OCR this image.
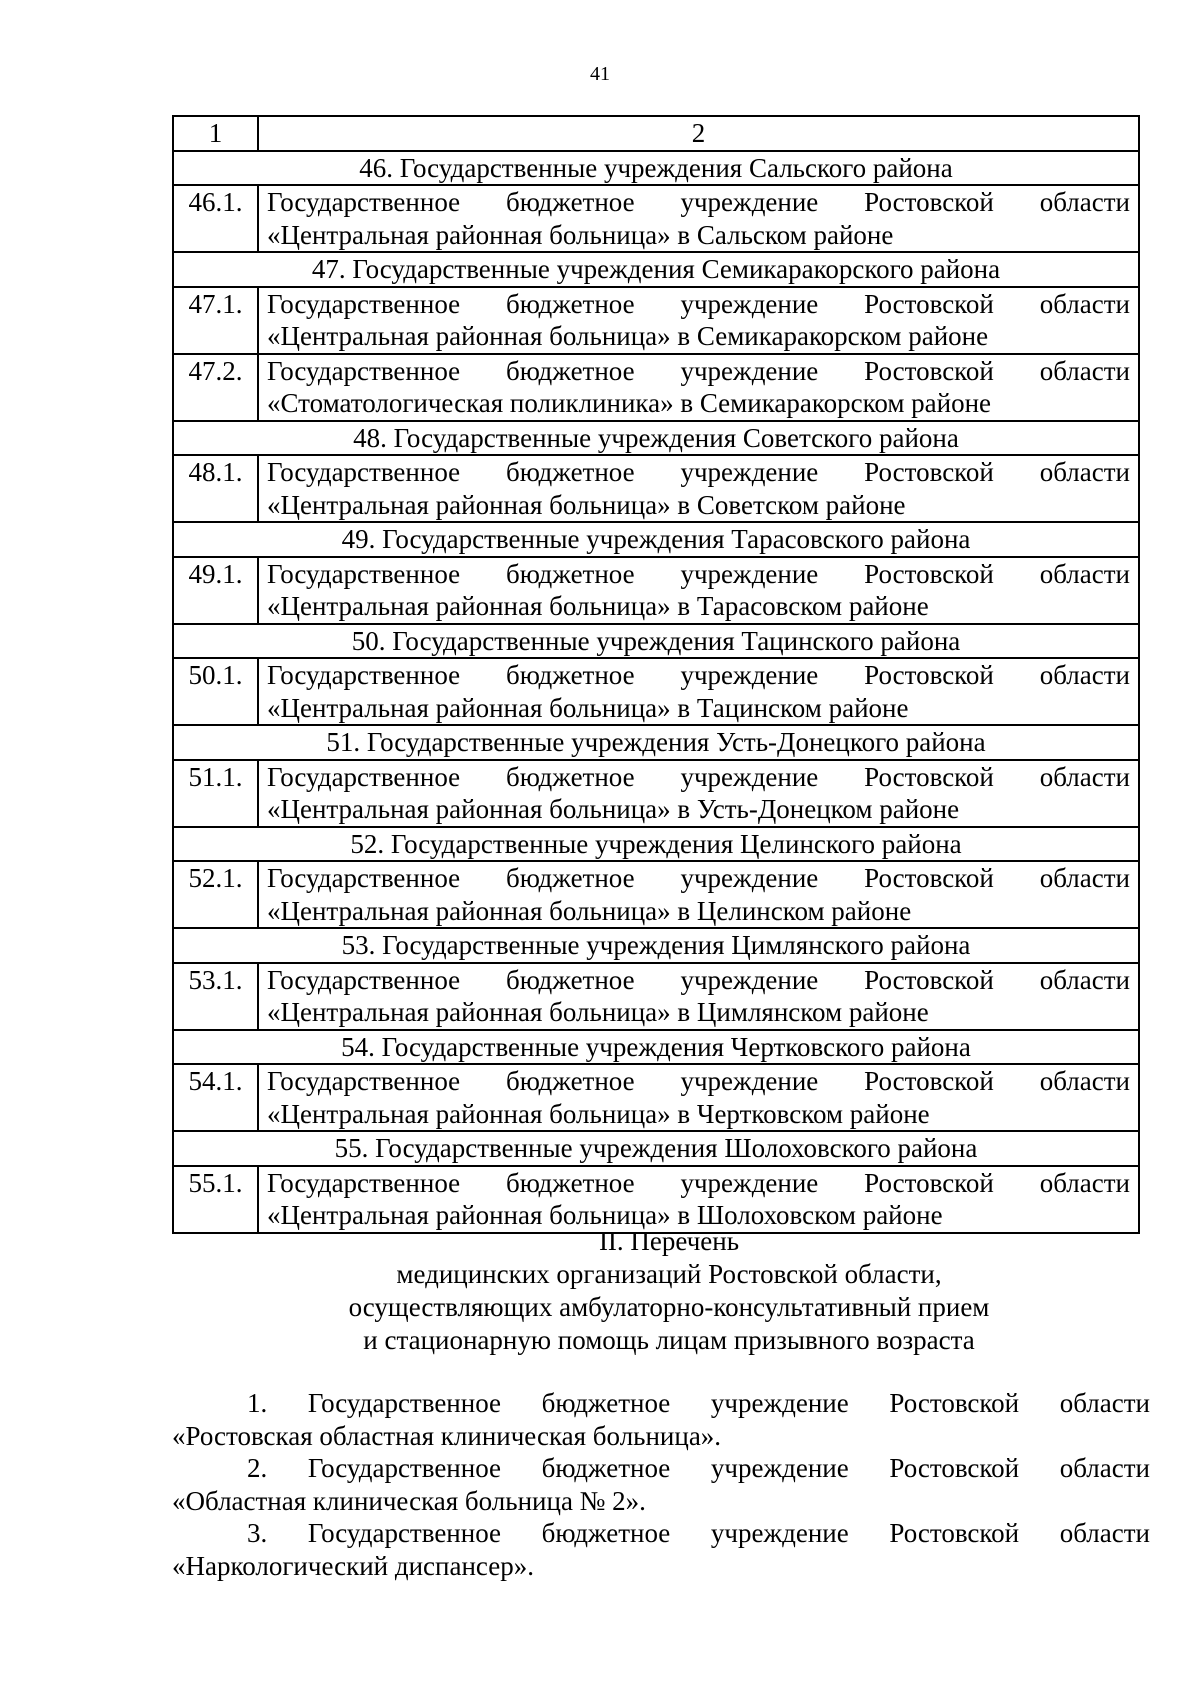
41
1	2
46. Государственные учреждения Сальского района	
46.1.	Государственное бюджетное учреждение Ростовской области
«Центральная районная больница» в Сальском районе

47. Государственные учреждения Семикаракорского района	
47.1.	Государственное бюджетное учреждение Ростовской области
«Центральная районная больница» в Семикаракорском районе

47.2.	Государственное бюджетное учреждение Ростовской области
«Стоматологическая поликлиника» в Семикаракорском районе

48. Государственные учреждения Советского района	
48.1.	Государственное бюджетное учреждение Ростовской области
«Центральная районная больница» в Советском районе

49. Государственные учреждения Тарасовского района	
49.1.	Государственное бюджетное учреждение Ростовской области
«Центральная районная больница» в Тарасовском районе

50. Государственные учреждения Тацинского района	
50.1.	Государственное бюджетное учреждение Ростовской области
«Центральная районная больница» в Тацинском районе

51. Государственные учреждения Усть-Донецкого района	
51.1.	Государственное бюджетное учреждение Ростовской области
«Центральная районная больница» в Усть-Донецком районе

52. Государственные учреждения Целинского района	
52.1.	Государственное бюджетное учреждение Ростовской области
«Центральная районная больница» в Целинском районе

53. Государственные учреждения Цимлянского района	
53.1.	Государственное бюджетное учреждение Ростовской области
«Центральная районная больница» в Цимлянском районе

54. Государственные учреждения Чертковского района	
54.1.	Государственное бюджетное учреждение Ростовской области
«Центральная районная больница» в Чертковском районе

55. Государственные учреждения Шолоховского района	
55.1.	Государственное бюджетное учреждение Ростовской области
«Центральная районная больница» в Шолоховском районе
II. Перечень
медицинских организаций Ростовской области,
осуществляющих амбулаторно-консультативный прием
и стационарную помощь лицам призывного возраста
1. Государственное бюджетное учреждение Ростовской области
«Ростовская областная клиническая больница».
2. Государственное бюджетное учреждение Ростовской области
«Областная клиническая больница № 2».
3. Государственное бюджетное учреждение Ростовской области
«Наркологический диспансер».
